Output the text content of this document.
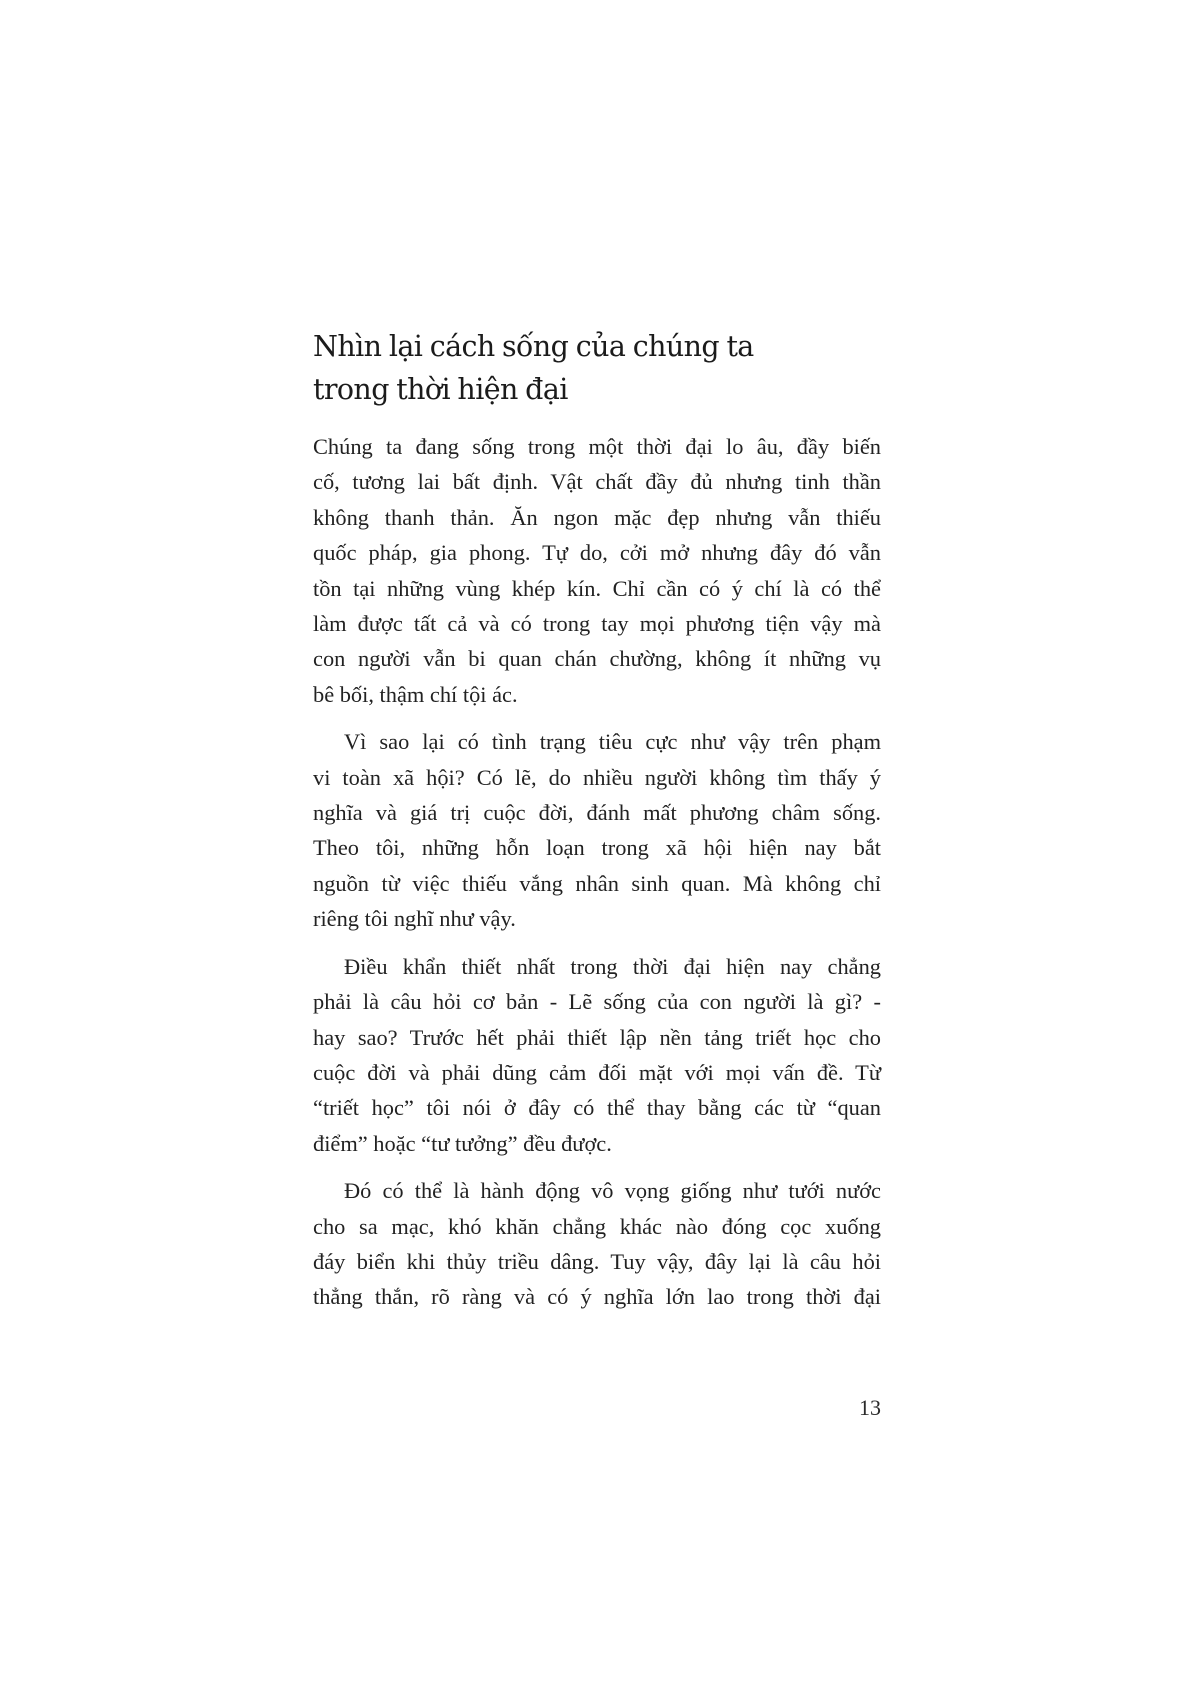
Nhìn lại cách sống của chúng ta
trong thời hiện đại

Chúng ta đang sống trong một thời đại lo âu, đầy biến
cố, tương lai bất định. Vật chất đầy đủ nhưng tinh thần
không thanh thản. Ăn ngon mặc đẹp nhưng vẫn thiếu
quốc pháp, gia phong. Tự do, cởi mở nhưng đây đó vẫn
tồn tại những vùng khép kín. Chỉ cần có ý chí là có thể
làm được tất cả và có trong tay mọi phương tiện vậy mà
con người vẫn bi quan chán chường, không ít những vụ
bê bối, thậm chí tội ác.

Vì sao lại có tình trạng tiêu cực như vậy trên phạm
vi toàn xã hội? Có lẽ, do nhiều người không tìm thấy ý
nghĩa và giá trị cuộc đời, đánh mất phương châm sống.
Theo tôi, những hỗn loạn trong xã hội hiện nay bắt
nguồn từ việc thiếu vắng nhân sinh quan. Mà không chỉ
riêng tôi nghĩ như vậy.

Điều khẩn thiết nhất trong thời đại hiện nay chẳng
phải là câu hỏi cơ bản - Lẽ sống của con người là gì? -
hay sao? Trước hết phải thiết lập nền tảng triết học cho
cuộc đời và phải dũng cảm đối mặt với mọi vấn đề. Từ
“triết học” tôi nói ở đây có thể thay bằng các từ “quan
điểm” hoặc “tư tưởng” đều được.

Đó có thể là hành động vô vọng giống như tưới nước
cho sa mạc, khó khăn chẳng khác nào đóng cọc xuống
đáy biển khi thủy triều dâng. Tuy vậy, đây lại là câu hỏi
thẳng thắn, rõ ràng và có ý nghĩa lớn lao trong thời đại

13
